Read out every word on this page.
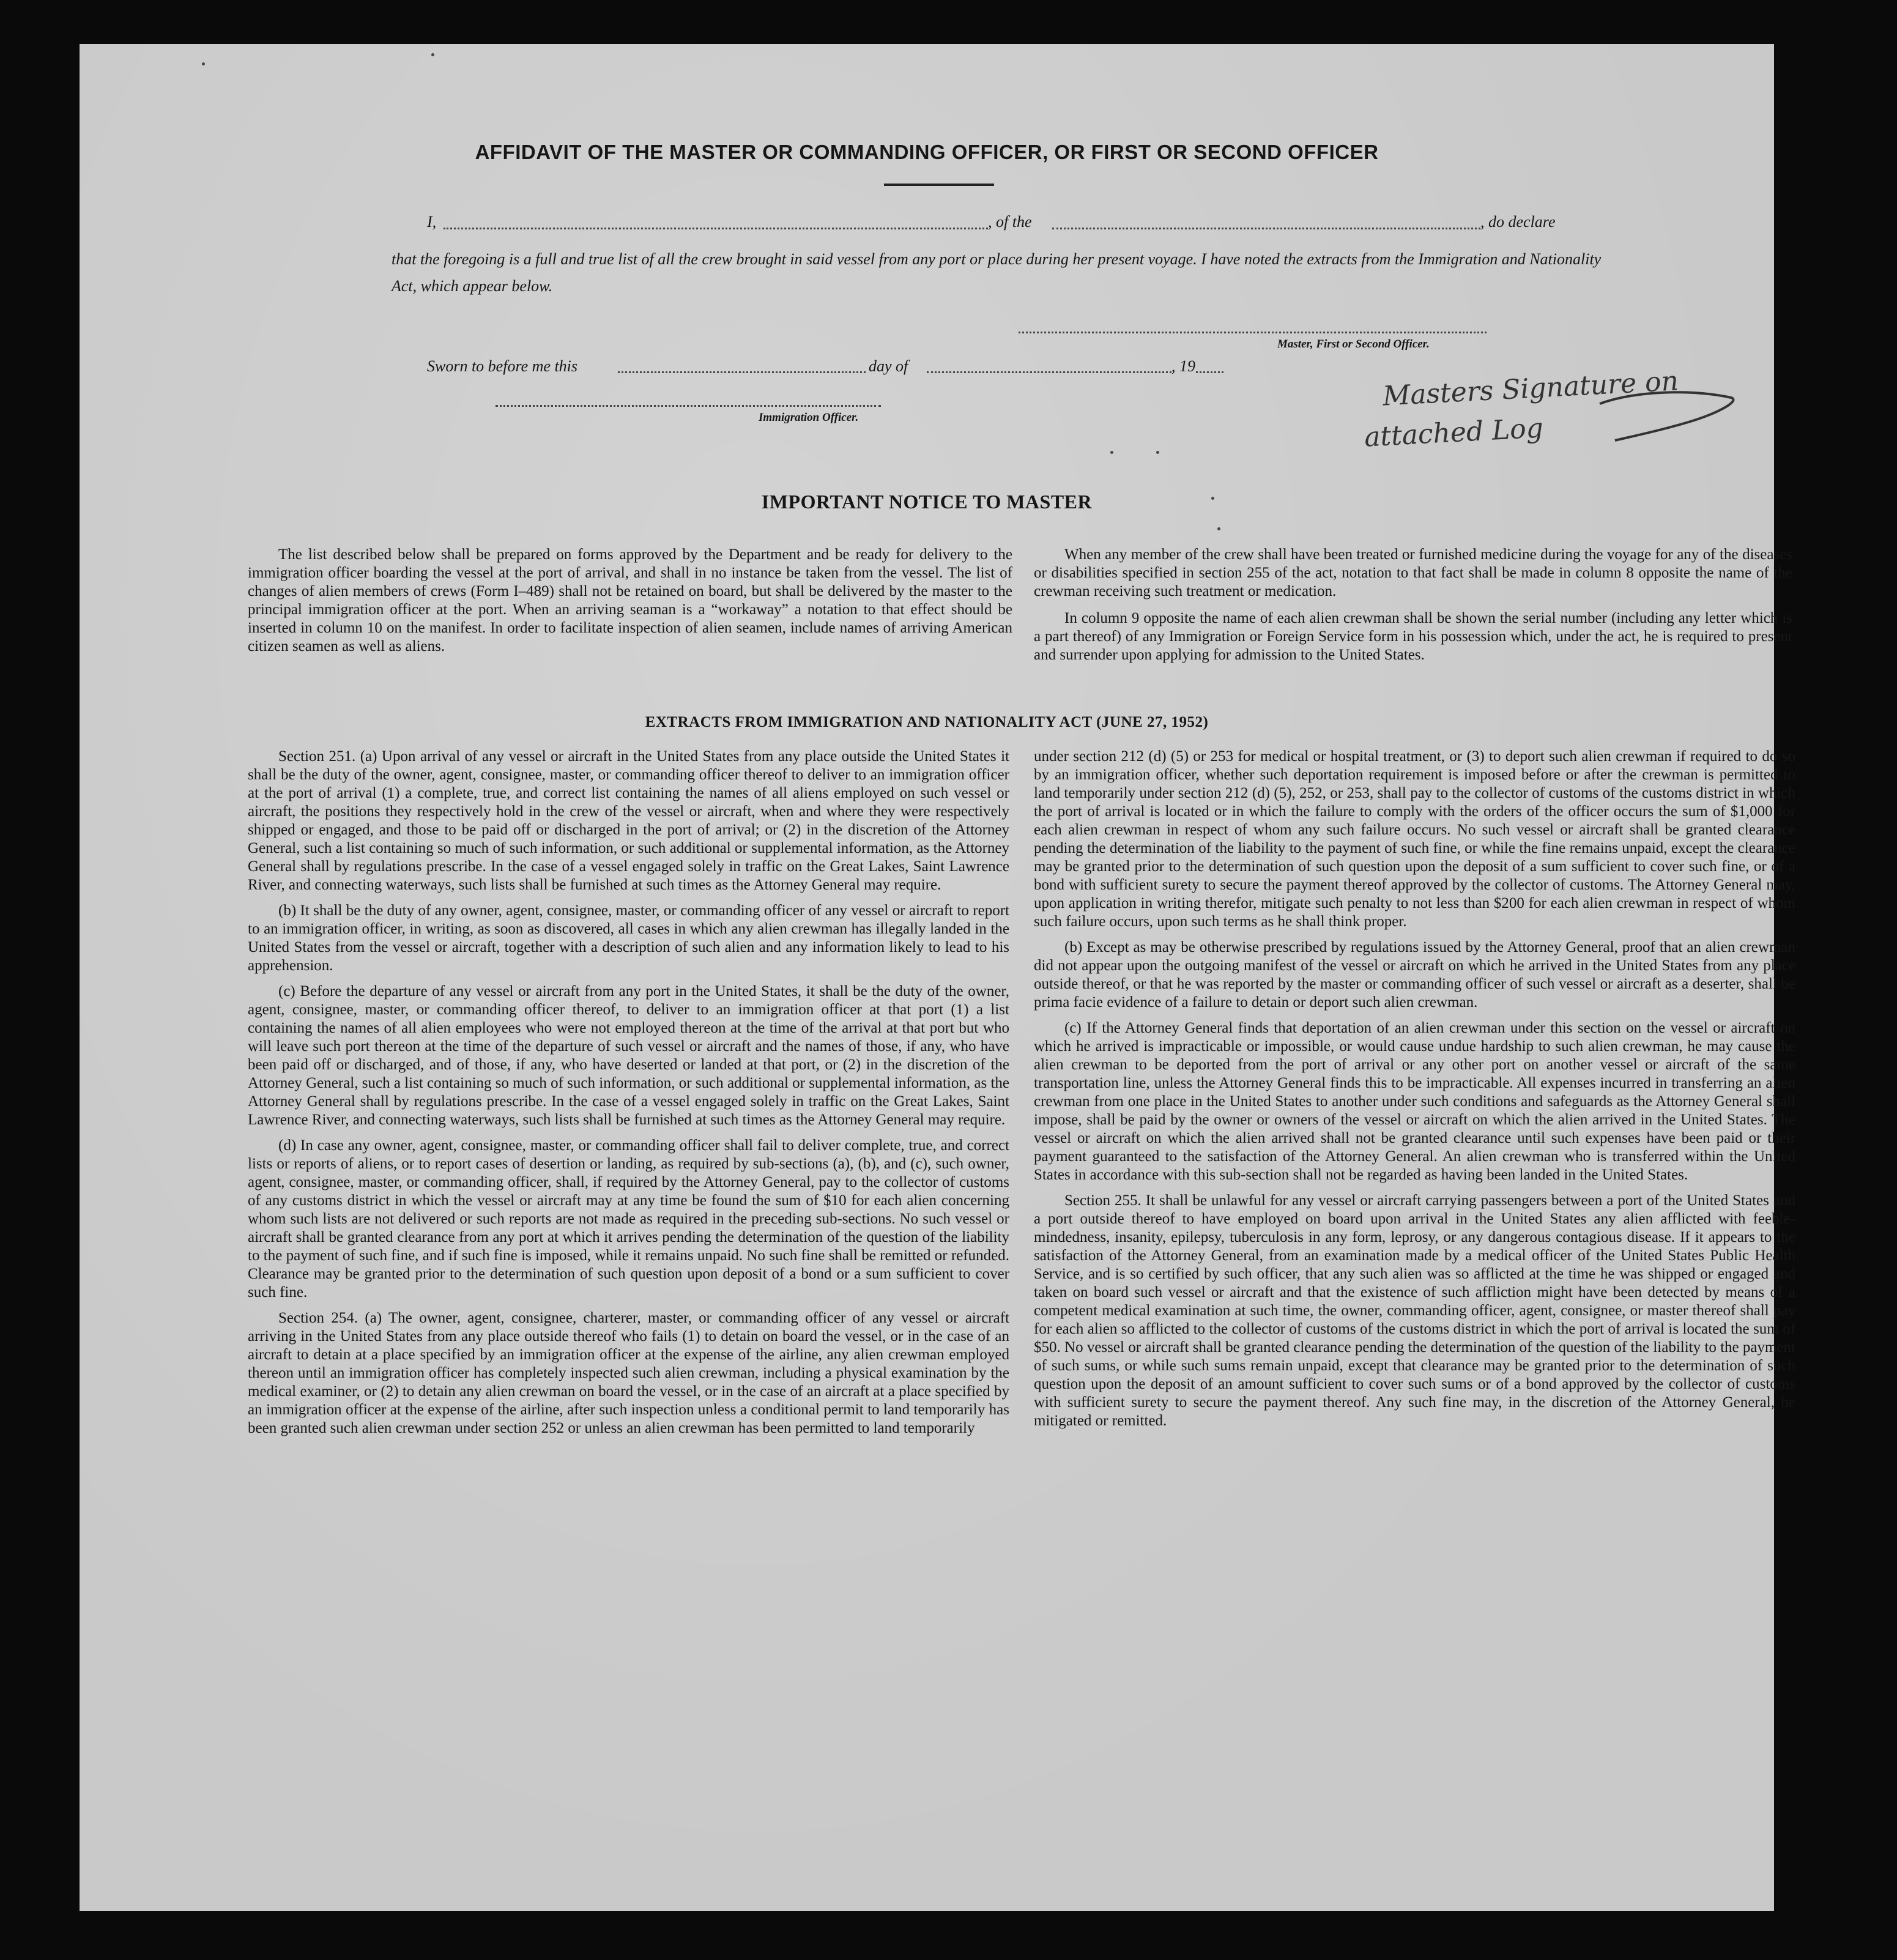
AFFIDAVIT OF THE MASTER OR COMMANDING OFFICER, OR FIRST OR SECOND OFFICER
I,	, of the	, do declare
that the foregoing is a full and true list of all the crew brought in said vessel from any port or place during her present voyage. I have noted the extracts from the Immigration and Nationality Act, which appear below.
Master, First or Second Officer.
Sworn to before me this	day of	, 19
Immigration Officer.
Masters Signature on
attached Log
IMPORTANT NOTICE TO MASTER

The list described below shall be prepared on forms approved by the Department and be ready for delivery to the immigration officer boarding the vessel at the port of arrival, and shall in no instance be taken from the vessel. The list of changes of alien members of crews (Form I–489) shall not be retained on board, but shall be delivered by the master to the principal immigration officer at the port. When an arriving seaman is a “workaway” a notation to that effect should be inserted in column 10 on the manifest. In order to facilitate inspection of alien seamen, include names of arriving American citizen seamen as well as aliens.

When any member of the crew shall have been treated or furnished medicine during the voyage for any of the diseases or disabilities specified in section 255 of the act, notation to that fact shall be made in column 8 opposite the name of the crewman receiving such treatment or medication.

In column 9 opposite the name of each alien crewman shall be shown the serial number (including any letter which is a part thereof) of any Immigration or Foreign Service form in his possession which, under the act, he is required to present and surrender upon applying for admission to the United States.

EXTRACTS FROM IMMIGRATION AND NATIONALITY ACT (JUNE 27, 1952)

Section 251. (a) Upon arrival of any vessel or aircraft in the United States from any place outside the United States it shall be the duty of the owner, agent, consignee, master, or commanding officer thereof to deliver to an immigration officer at the port of arrival (1) a complete, true, and correct list containing the names of all aliens employed on such vessel or aircraft, the positions they respectively hold in the crew of the vessel or aircraft, when and where they were respectively shipped or engaged, and those to be paid off or discharged in the port of arrival; or (2) in the discretion of the Attorney General, such a list containing so much of such information, or such additional or supplemental information, as the Attorney General shall by regulations prescribe. In the case of a vessel engaged solely in traffic on the Great Lakes, Saint Lawrence River, and connecting waterways, such lists shall be furnished at such times as the Attorney General may require.

(b) It shall be the duty of any owner, agent, consignee, master, or commanding officer of any vessel or aircraft to report to an immigration officer, in writing, as soon as discovered, all cases in which any alien crewman has illegally landed in the United States from the vessel or aircraft, together with a description of such alien and any information likely to lead to his apprehension.

(c) Before the departure of any vessel or aircraft from any port in the United States, it shall be the duty of the owner, agent, consignee, master, or commanding officer thereof, to deliver to an immigration officer at that port (1) a list containing the names of all alien employees who were not employed thereon at the time of the arrival at that port but who will leave such port thereon at the time of the departure of such vessel or aircraft and the names of those, if any, who have been paid off or discharged, and of those, if any, who have deserted or landed at that port, or (2) in the discretion of the Attorney General, such a list containing so much of such information, or such additional or supplemental information, as the Attorney General shall by regulations prescribe. In the case of a vessel engaged solely in traffic on the Great Lakes, Saint Lawrence River, and connecting waterways, such lists shall be furnished at such times as the Attorney General may require.

(d) In case any owner, agent, consignee, master, or commanding officer shall fail to deliver complete, true, and correct lists or reports of aliens, or to report cases of desertion or landing, as required by sub-sections (a), (b), and (c), such owner, agent, consignee, master, or commanding officer, shall, if required by the Attorney General, pay to the collector of customs of any customs district in which the vessel or aircraft may at any time be found the sum of $10 for each alien concerning whom such lists are not delivered or such reports are not made as required in the preceding sub-sections. No such vessel or aircraft shall be granted clearance from any port at which it arrives pending the determination of the question of the liability to the payment of such fine, and if such fine is imposed, while it remains unpaid. No such fine shall be remitted or refunded. Clearance may be granted prior to the determination of such question upon deposit of a bond or a sum sufficient to cover such fine.

Section 254. (a) The owner, agent, consignee, charterer, master, or commanding officer of any vessel or aircraft arriving in the United States from any place outside thereof who fails (1) to detain on board the vessel, or in the case of an aircraft to detain at a place specified by an immigration officer at the expense of the airline, any alien crewman employed thereon until an immigration officer has completely inspected such alien crewman, including a physical examination by the medical examiner, or (2) to detain any alien crewman on board the vessel, or in the case of an aircraft at a place specified by an immigration officer at the expense of the airline, after such inspection unless a conditional permit to land temporarily has been granted such alien crewman under section 252 or unless an alien crewman has been permitted to land temporarily

under section 212 (d) (5) or 253 for medical or hospital treatment, or (3) to deport such alien crewman if required to do so by an immigration officer, whether such deportation requirement is imposed before or after the crewman is permitted to land temporarily under section 212 (d) (5), 252, or 253, shall pay to the collector of customs of the customs district in which the port of arrival is located or in which the failure to comply with the orders of the officer occurs the sum of $1,000 for each alien crewman in respect of whom any such failure occurs. No such vessel or aircraft shall be granted clearance pending the determination of the liability to the payment of such fine, or while the fine remains unpaid, except the clearance may be granted prior to the determination of such question upon the deposit of a sum sufficient to cover such fine, or of a bond with sufficient surety to secure the payment thereof approved by the collector of customs. The Attorney General may, upon application in writing therefor, mitigate such penalty to not less than $200 for each alien crewman in respect of whom such failure occurs, upon such terms as he shall think proper.

(b) Except as may be otherwise prescribed by regulations issued by the Attorney General, proof that an alien crewman did not appear upon the outgoing manifest of the vessel or aircraft on which he arrived in the United States from any place outside thereof, or that he was reported by the master or commanding officer of such vessel or aircraft as a deserter, shall be prima facie evidence of a failure to detain or deport such alien crewman.

(c) If the Attorney General finds that deportation of an alien crewman under this section on the vessel or aircraft on which he arrived is impracticable or impossible, or would cause undue hardship to such alien crewman, he may cause the alien crewman to be deported from the port of arrival or any other port on another vessel or aircraft of the same transportation line, unless the Attorney General finds this to be impracticable. All expenses incurred in transferring an alien crewman from one place in the United States to another under such conditions and safeguards as the Attorney General shall impose, shall be paid by the owner or owners of the vessel or aircraft on which the alien arrived in the United States. The vessel or aircraft on which the alien arrived shall not be granted clearance until such expenses have been paid or their payment guaranteed to the satisfaction of the Attorney General. An alien crewman who is transferred within the United States in accordance with this sub-section shall not be regarded as having been landed in the United States.

Section 255. It shall be unlawful for any vessel or aircraft carrying passengers between a port of the United States and a port outside thereof to have employed on board upon arrival in the United States any alien afflicted with feeble-mindedness, insanity, epilepsy, tuberculosis in any form, leprosy, or any dangerous contagious disease. If it appears to the satisfaction of the Attorney General, from an examination made by a medical officer of the United States Public Health Service, and is so certified by such officer, that any such alien was so afflicted at the time he was shipped or engaged and taken on board such vessel or aircraft and that the existence of such affliction might have been detected by means of a competent medical examination at such time, the owner, commanding officer, agent, consignee, or master thereof shall pay for each alien so afflicted to the collector of customs of the customs district in which the port of arrival is located the sum of $50. No vessel or aircraft shall be granted clearance pending the determination of the question of the liability to the payment of such sums, or while such sums remain unpaid, except that clearance may be granted prior to the determination of such question upon the deposit of an amount sufficient to cover such sums or of a bond approved by the collector of customs with sufficient surety to secure the payment thereof. Any such fine may, in the discretion of the Attorney General, be mitigated or remitted.
